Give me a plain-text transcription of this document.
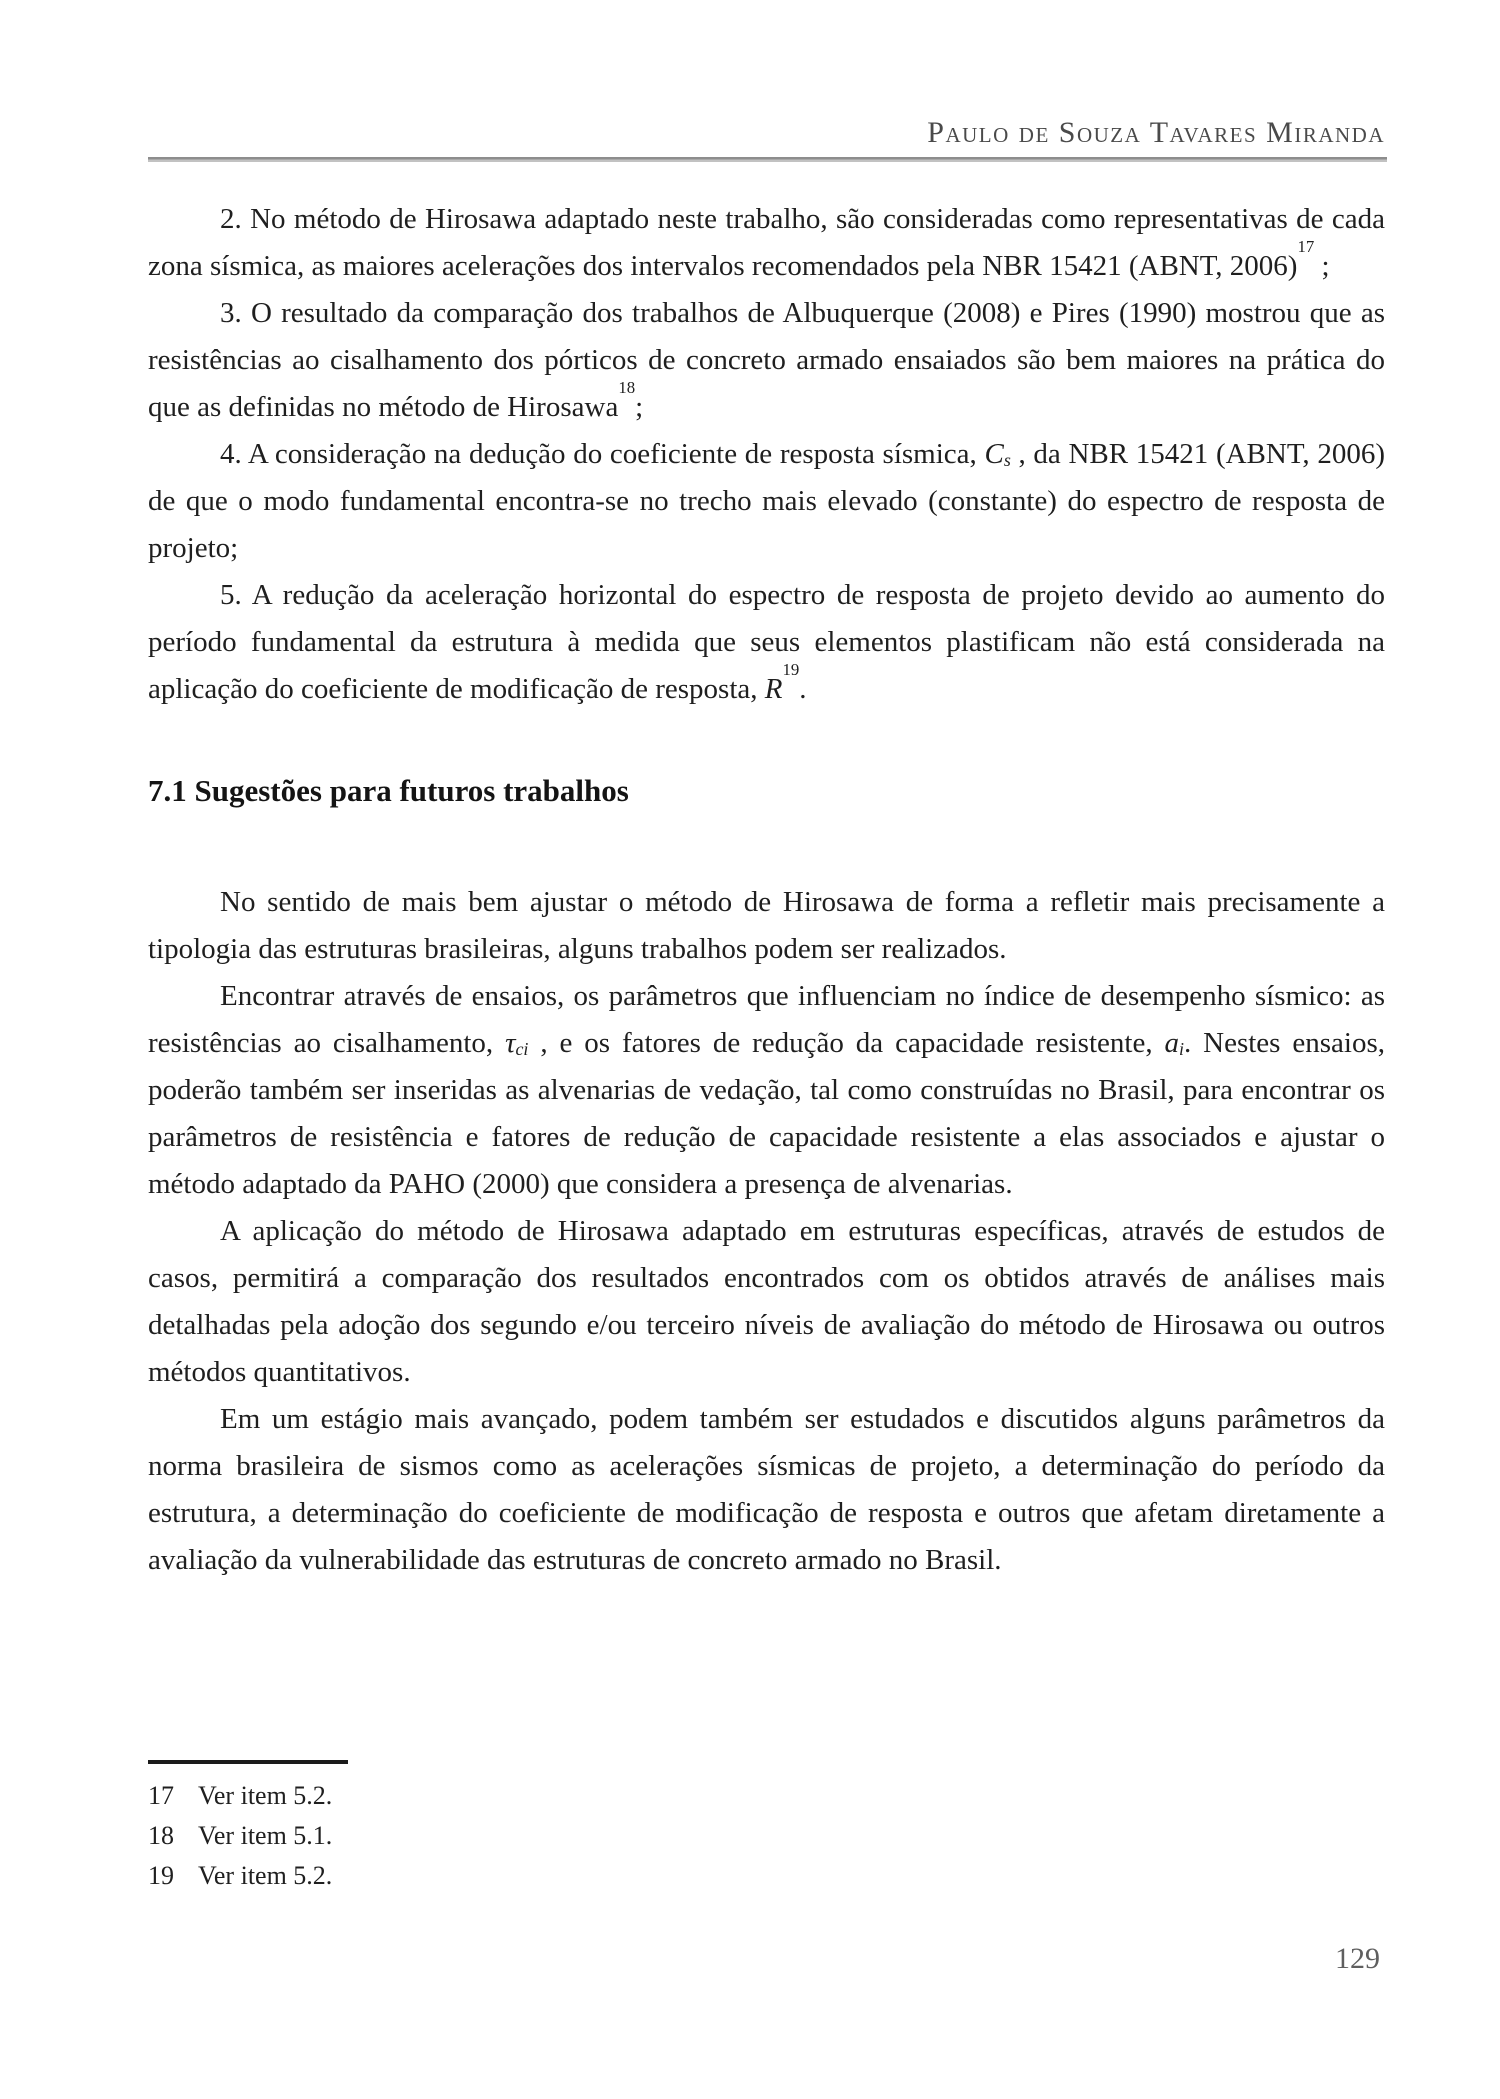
Paulo de Souza Tavares Miranda

2. No método de Hirosawa adaptado neste trabalho, são consideradas como representativas de cada zona sísmica, as maiores acelerações dos intervalos recomendados pela NBR 15421 (ABNT, 2006)$^{17}$ ;

3. O resultado da comparação dos trabalhos de Albuquerque (2008) e Pires (1990) mostrou que as resistências ao cisalhamento dos pórticos de concreto armado ensaiados são bem maiores na prática do que as definidas no método de Hirosawa$^{18}$;

4. A consideração na dedução do coeficiente de resposta sísmica, Cs , da NBR 15421 (ABNT, 2006) de que o modo fundamental encontra-se no trecho mais elevado (constante) do espectro de resposta de projeto;

5. A redução da aceleração horizontal do espectro de resposta de projeto devido ao aumento do período fundamental da estrutura à medida que seus elementos plastificam não está considerada na aplicação do coeficiente de modificação de resposta, R$^{19}$.

7.1 Sugestões para futuros trabalhos

No sentido de mais bem ajustar o método de Hirosawa de forma a refletir mais precisamente a tipologia das estruturas brasileiras, alguns trabalhos podem ser realizados.

Encontrar através de ensaios, os parâmetros que influenciam no índice de desempenho sísmico: as resistências ao cisalhamento, τci , e os fatores de redução da capacidade resistente, ai. Nestes ensaios, poderão também ser inseridas as alvenarias de vedação, tal como construídas no Brasil, para encontrar os parâmetros de resistência e fatores de redução de capacidade resistente a elas associados e ajustar o método adaptado da PAHO (2000) que considera a presença de alvenarias.

A aplicação do método de Hirosawa adaptado em estruturas específicas, através de estudos de casos, permitirá a comparação dos resultados encontrados com os obtidos através de análises mais detalhadas pela adoção dos segundo e/ou terceiro níveis de avaliação do método de Hirosawa ou outros métodos quantitativos.

Em um estágio mais avançado, podem também ser estudados e discutidos alguns parâmetros da norma brasileira de sismos como as acelerações sísmicas de projeto, a determinação do período da estrutura, a determinação do coeficiente de modificação de resposta e outros que afetam diretamente a avaliação da vulnerabilidade das estruturas de concreto armado no Brasil.

17 Ver item 5.2.
18 Ver item 5.1.
19 Ver item 5.2.
129
